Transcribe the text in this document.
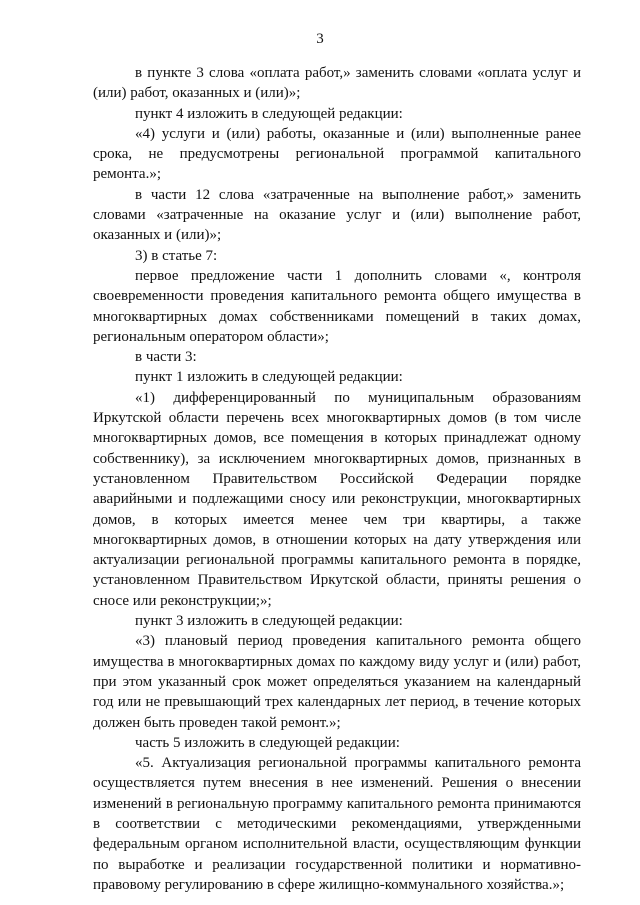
3

в пункте 3 слова «оплата работ,» заменить словами «оплата услуг и (или) работ, оказанных и (или)»;

пункт 4 изложить в следующей редакции:

«4) услуги и (или) работы, оказанные и (или) выполненные ранее срока, не предусмотрены региональной программой капитального ремонта.»;

в части 12 слова «затраченные на выполнение работ,» заменить словами «затраченные на оказание услуг и (или) выполнение работ, оказанных и (или)»;

3) в статье 7:

первое предложение части 1 дополнить словами «, контроля своевременности проведения капитального ремонта общего имущества в многоквартирных домах собственниками помещений в таких домах, региональным оператором области»;

в части 3:

пункт 1 изложить в следующей редакции:

«1) дифференцированный по муниципальным образованиям Иркутской области перечень всех многоквартирных домов (в том числе многоквартирных домов, все помещения в которых принадлежат одному собственнику), за исключением многоквартирных домов, признанных в установленном Правительством Российской Федерации порядке аварийными и подлежащими сносу или реконструкции, многоквартирных домов, в которых имеется менее чем три квартиры, а также многоквартирных домов, в отношении которых на дату утверждения или актуализации региональной программы капитального ремонта в порядке, установленном Правительством Иркутской области, приняты решения о сносе или реконструкции;»;

пункт 3 изложить в следующей редакции:

«3) плановый период проведения капитального ремонта общего имущества в многоквартирных домах по каждому виду услуг и (или) работ, при этом указанный срок может определяться указанием на календарный год или не превышающий трех календарных лет период, в течение которых должен быть проведен такой ремонт.»;

часть 5 изложить в следующей редакции:

«5. Актуализация региональной программы капитального ремонта осуществляется путем внесения в нее изменений. Решения о внесении изменений в региональную программу капитального ремонта принимаются в соответствии с методическими рекомендациями, утвержденными федеральным органом исполнительной власти, осуществляющим функции по выработке и реализации государственной политики и нормативно-правовому регулированию в сфере жилищно-коммунального хозяйства.»;
